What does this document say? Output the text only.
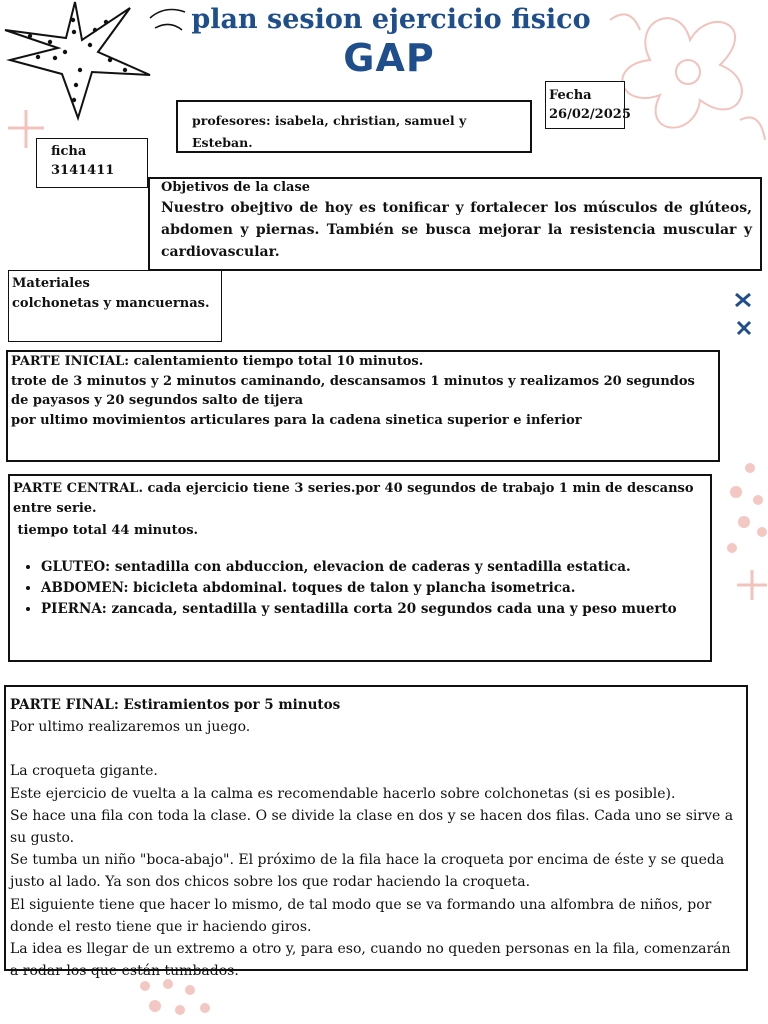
plan sesion ejercicio fisico
GAP
profesores: isabela, christian, samuel y Esteban.
Fecha
26/02/2025
ficha
3141411
Objetivos de la clase
Nuestro obejtivo de hoy es tonificar y fortalecer los músculos de glúteos, abdomen y piernas. También se busca mejorar la resistencia muscular y cardiovascular.
Materiales
colchonetas y mancuernas.
PARTE INICIAL: calentamiento tiempo total 10 minutos.
trote de 3 minutos y 2 minutos caminando, descansamos 1 minutos y realizamos 20 segundos de payasos y 20 segundos salto de tijera
por ultimo movimientos articulares para la cadena sinetica superior e inferior
PARTE CENTRAL. cada ejercicio tiene 3 series.por 40 segundos de trabajo 1 min de descanso entre serie.
tiempo total 44 minutos.
• GLUTEO: sentadilla con abduccion, elevacion de caderas y sentadilla estatica.
• ABDOMEN: bicicleta abdominal. toques de talon y plancha isometrica.
• PIERNA: zancada, sentadilla y sentadilla corta 20 segundos cada una y peso muerto
PARTE FINAL: Estiramientos por 5 minutos
Por ultimo realizaremos un juego.
La croqueta gigante.
Este ejercicio de vuelta a la calma es recomendable hacerlo sobre colchonetas (si es posible).
Se hace una fila con toda la clase. O se divide la clase en dos y se hacen dos filas. Cada uno se sirve a su gusto.
Se tumba un niño "boca-abajo". El próximo de la fila hace la croqueta por encima de éste y se queda justo al lado. Ya son dos chicos sobre los que rodar haciendo la croqueta.
El siguiente tiene que hacer lo mismo, de tal modo que se va formando una alfombra de niños, por donde el resto tiene que ir haciendo giros.
La idea es llegar de un extremo a otro y, para eso, cuando no queden personas en la fila, comenzarán a rodar los que están tumbados.
